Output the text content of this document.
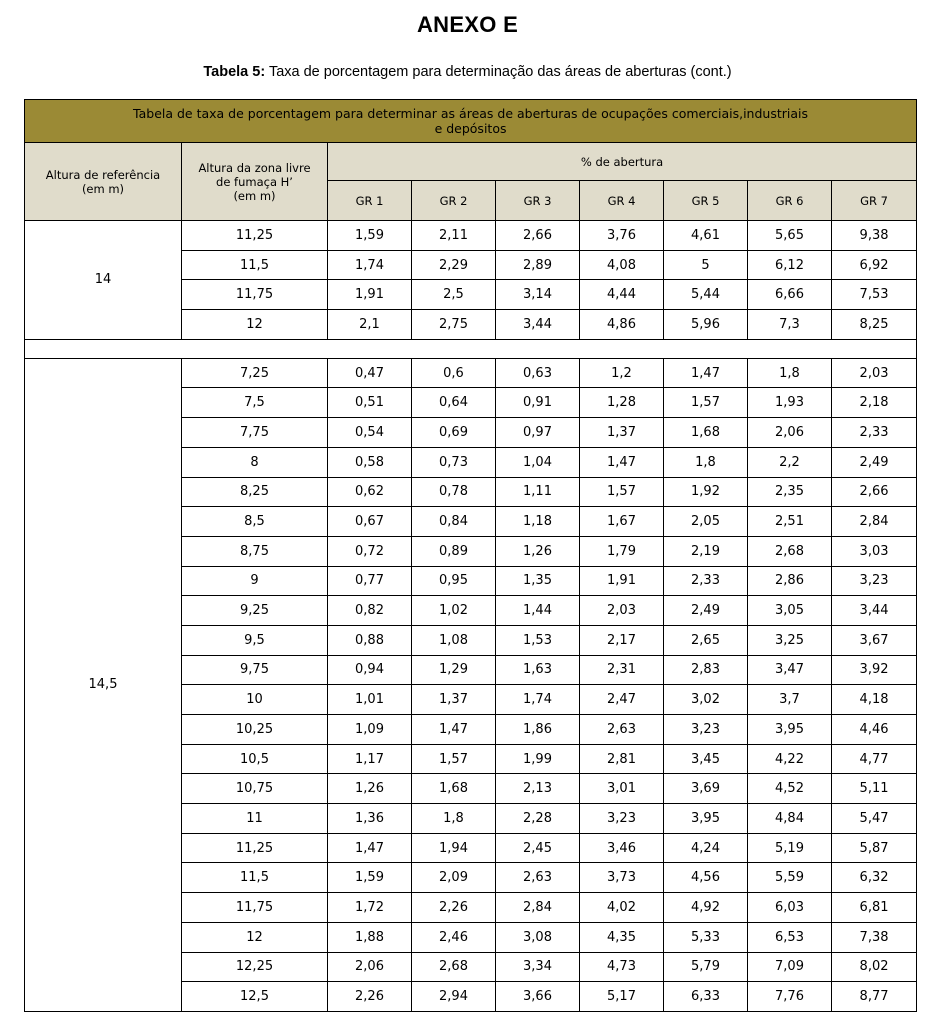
ANEXO E
Tabela 5: Taxa de porcentagem para determinação das áreas de aberturas (cont.)
Tabela de taxa de porcentagem para determinar as áreas de aberturas de ocupações comerciais,industriais
e depósitos								
Altura de referência
(em m)	Altura da zona livre
de fumaça H’
(em m)	% de abertura						
		GR 1	GR 2	GR 3	GR 4	GR 5	GR 6	GR 7
14	11,25	1,59	2,11	2,66	3,76	4,61	5,65	9,38
	11,5	1,74	2,29	2,89	4,08	5	6,12	6,92
	11,75	1,91	2,5	3,14	4,44	5,44	6,66	7,53
	12	2,1	2,75	3,44	4,86	5,96	7,3	8,25

14,5	7,25	0,47	0,6	0,63	1,2	1,47	1,8	2,03
	7,5	0,51	0,64	0,91	1,28	1,57	1,93	2,18
	7,75	0,54	0,69	0,97	1,37	1,68	2,06	2,33
	8	0,58	0,73	1,04	1,47	1,8	2,2	2,49
	8,25	0,62	0,78	1,11	1,57	1,92	2,35	2,66
	8,5	0,67	0,84	1,18	1,67	2,05	2,51	2,84
	8,75	0,72	0,89	1,26	1,79	2,19	2,68	3,03
	9	0,77	0,95	1,35	1,91	2,33	2,86	3,23
	9,25	0,82	1,02	1,44	2,03	2,49	3,05	3,44
	9,5	0,88	1,08	1,53	2,17	2,65	3,25	3,67
	9,75	0,94	1,29	1,63	2,31	2,83	3,47	3,92
	10	1,01	1,37	1,74	2,47	3,02	3,7	4,18
	10,25	1,09	1,47	1,86	2,63	3,23	3,95	4,46
	10,5	1,17	1,57	1,99	2,81	3,45	4,22	4,77
	10,75	1,26	1,68	2,13	3,01	3,69	4,52	5,11
	11	1,36	1,8	2,28	3,23	3,95	4,84	5,47
	11,25	1,47	1,94	2,45	3,46	4,24	5,19	5,87
	11,5	1,59	2,09	2,63	3,73	4,56	5,59	6,32
	11,75	1,72	2,26	2,84	4,02	4,92	6,03	6,81
	12	1,88	2,46	3,08	4,35	5,33	6,53	7,38
	12,25	2,06	2,68	3,34	4,73	5,79	7,09	8,02
	12,5	2,26	2,94	3,66	5,17	6,33	7,76	8,77
